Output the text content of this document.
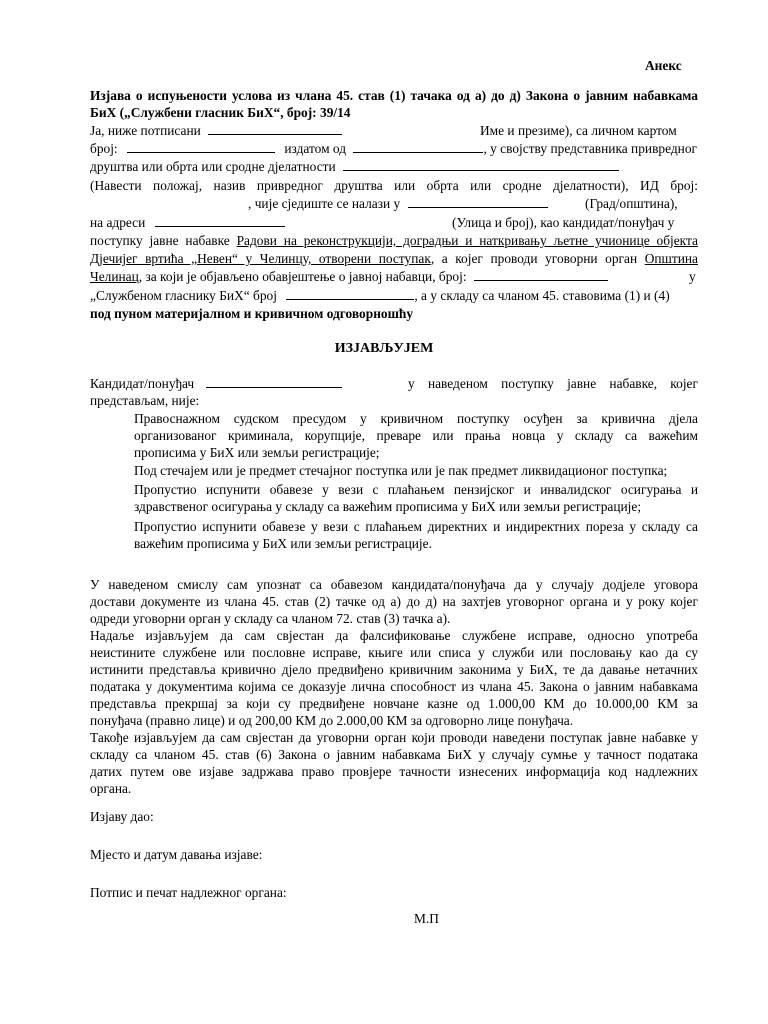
Анекс
Изјава о испуњености услова из члана 45. став (1) тачака од а) до д) Закона о јавним набавкама
БиХ („Службени гласник БиХ“, број: 39/14
Ја, ниже потписани	Име и презиме), са личном картом
број:	издатом од	, у својству представника привредног
друштва или обрта или сродне дјелатности
(Навести положај, назив привредног друштва или обрта или сродне дјелатности), ИД број:
, чије сједиште се налази у	(Град/општина),
на адреси	(Улица и број), као кандидат/понуђач у
поступку јавне набавке Радови на реконструкцији, доградњи и наткривању љетне учионице објекта
Дјечијег вртића „Невен“ у Челинцу, отворени поступак, а којег проводи уговорни орган Општина
Челинац, за који је објављено обавјештење о јавној набавци, број:	у
„Службеном гласнику БиХ“ број	, а у складу са чланом 45. ставовима (1) и (4)
под пуном материјалном и кривичном одговорношћу
ИЗЈАВЉУЈЕМ
Кандидат/понуђач	у наведеном поступку јавне набавке, којег
представљам, није:
Правоснажном судском пресудом у кривичном поступку осуђен за кривична дјела
организованог криминала, корупције, преваре или прања новца у складу са важећим
прописима у БиХ или земљи регистрације;
Под стечајем или је предмет стечајног поступка или је пак предмет ликвидационог поступка;
Пропустио испунити обавезе у вези с плаћањем пензијског и инвалидског осигурања и
здравственог осигурања у складу са важећим прописима у БиХ или земљи регистрације;
Пропустио испунити обавезе у вези с плаћањем директних и индиректних пореза у складу са
важећим прописима у БиХ или земљи регистрације.
У наведеном смислу сам упознат са обавезом кандидата/понуђача да у случају додјеле уговора
достави документе из члана 45. став (2) тачке од а) до д) на захтјев уговорног органа и у року којег
одреди уговорни орган у складу са чланом 72. став (3) тачка а).
Надаље изјављујем да сам свјестан да фалсификовање службене исправе, односно употреба
неистините службене или пословне исправе, књиге или списа у служби или пословању као да су
истинити представља кривично дјело предвиђено кривичним законима у БиХ, те да давање нетачних
података у документима којима се доказује лична способност из члана 45. Закона о јавним набавкама
представља прекршај за који су предвиђене новчане казне од 1.000,00 КМ до 10.000,00 КМ за
понуђача (правно лице) и од 200,00 КМ до 2.000,00 КМ за одговорно лице понуђача.
Такође изјављујем да сам свјестан да уговорни орган који проводи наведени поступак јавне набавке у
складу са чланом 45. став (6) Закона о јавним набавкама БиХ у случају сумње у тачност података
датих путем ове изјаве задржава право провјере тачности изнесених информација код надлежних
органа.
Изјаву дао:
Мјесто и датум давања изјаве:
Потпис и печат надлежног органа:
М.П
